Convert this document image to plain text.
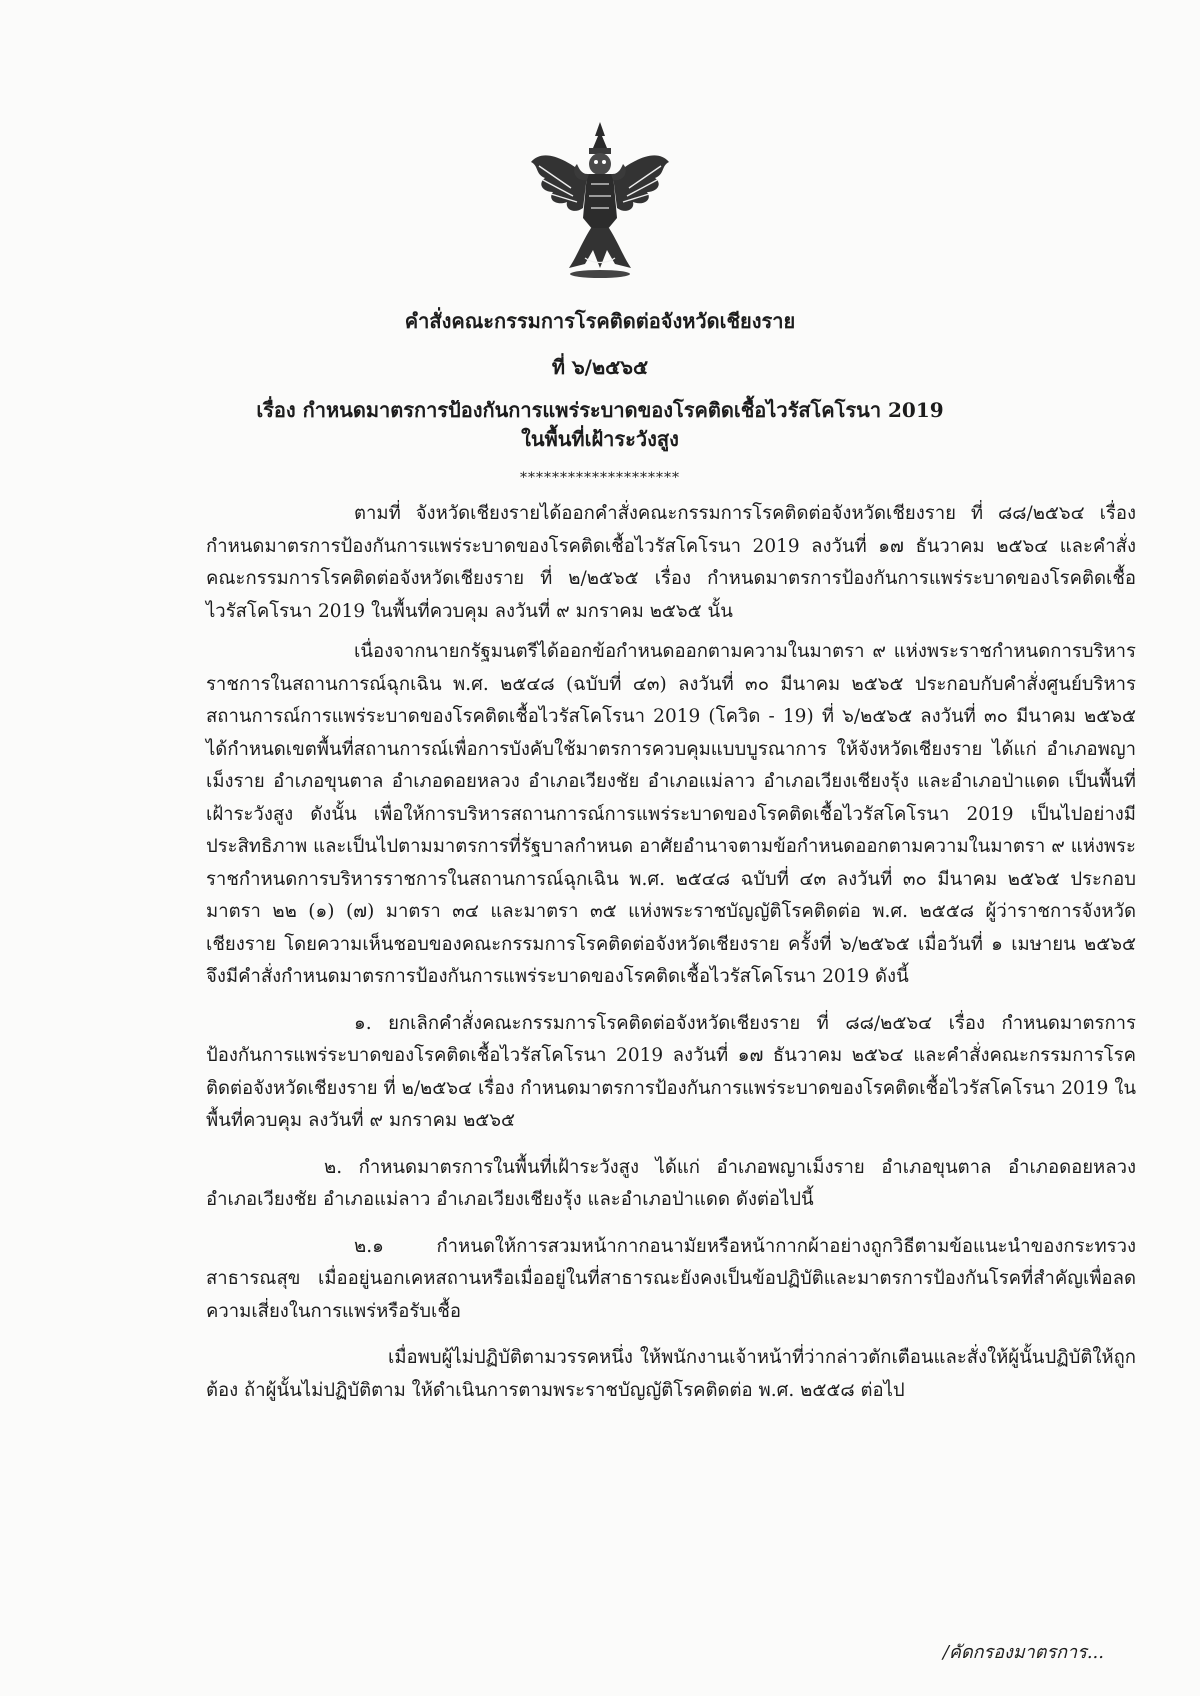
คำสั่งคณะกรรมการโรคติดต่อจังหวัดเชียงราย
ที่ ๖/๒๕๖๕
เรื่อง กำหนดมาตรการป้องกันการแพร่ระบาดของโรคติดเชื้อไวรัสโคโรนา 2019
ในพื้นที่เฝ้าระวังสูง
********************

ตามที่ จังหวัดเชียงรายได้ออกคำสั่งคณะกรรมการโรคติดต่อจังหวัดเชียงราย ที่ ๘๘/๒๕๖๔ เรื่อง กำหนดมาตรการป้องกันการแพร่ระบาดของโรคติดเชื้อไวรัสโคโรนา 2019 ลงวันที่ ๑๗ ธันวาคม ๒๕๖๔ และคำสั่งคณะกรรมการโรคติดต่อจังหวัดเชียงราย ที่ ๒/๒๕๖๕ เรื่อง กำหนดมาตรการป้องกันการแพร่ระบาดของโรคติดเชื้อไวรัสโคโรนา 2019 ในพื้นที่ควบคุม ลงวันที่ ๙ มกราคม ๒๕๖๕ นั้น

เนื่องจากนายกรัฐมนตรีได้ออกข้อกำหนดออกตามความในมาตรา ๙ แห่งพระราชกำหนดการบริหารราชการในสถานการณ์ฉุกเฉิน พ.ศ. ๒๕๔๘ (ฉบับที่ ๔๓) ลงวันที่ ๓๐ มีนาคม ๒๕๖๕ ประกอบกับคำสั่งศูนย์บริหารสถานการณ์การแพร่ระบาดของโรคติดเชื้อไวรัสโคโรนา 2019 (โควิด - 19) ที่ ๖/๒๕๖๕ ลงวันที่ ๓๐ มีนาคม ๒๕๖๕ ได้กำหนดเขตพื้นที่สถานการณ์เพื่อการบังคับใช้มาตรการควบคุมแบบบูรณาการ ให้จังหวัดเชียงราย ได้แก่ อำเภอพญาเม็งราย อำเภอขุนตาล อำเภอดอยหลวง อำเภอเวียงชัย อำเภอแม่ลาว อำเภอเวียงเชียงรุ้ง และอำเภอป่าแดด เป็นพื้นที่เฝ้าระวังสูง ดังนั้น เพื่อให้การบริหารสถานการณ์การแพร่ระบาดของโรคติดเชื้อไวรัสโคโรนา 2019 เป็นไปอย่างมีประสิทธิภาพ และเป็นไปตามมาตรการที่รัฐบาลกำหนด อาศัยอำนาจตามข้อกำหนดออกตามความในมาตรา ๙ แห่งพระราชกำหนดการบริหารราชการในสถานการณ์ฉุกเฉิน พ.ศ. ๒๕๔๘ ฉบับที่ ๔๓ ลงวันที่ ๓๐ มีนาคม ๒๕๖๕ ประกอบมาตรา ๒๒ (๑) (๗) มาตรา ๓๔ และมาตรา ๓๕ แห่งพระราชบัญญัติโรคติดต่อ พ.ศ. ๒๕๕๘ ผู้ว่าราชการจังหวัดเชียงราย โดยความเห็นชอบของคณะกรรมการโรคติดต่อจังหวัดเชียงราย ครั้งที่ ๖/๒๕๖๕ เมื่อวันที่ ๑ เมษายน ๒๕๖๕ จึงมีคำสั่งกำหนดมาตรการป้องกันการแพร่ระบาดของโรคติดเชื้อไวรัสโคโรนา 2019 ดังนี้

๑. ยกเลิกคำสั่งคณะกรรมการโรคติดต่อจังหวัดเชียงราย ที่ ๘๘/๒๕๖๔ เรื่อง กำหนดมาตรการป้องกันการแพร่ระบาดของโรคติดเชื้อไวรัสโคโรนา 2019 ลงวันที่ ๑๗ ธันวาคม ๒๕๖๔ และคำสั่งคณะกรรมการโรคติดต่อจังหวัดเชียงราย ที่ ๒/๒๕๖๔ เรื่อง กำหนดมาตรการป้องกันการแพร่ระบาดของโรคติดเชื้อไวรัสโคโรนา 2019 ในพื้นที่ควบคุม ลงวันที่ ๙ มกราคม ๒๕๖๕

๒. กำหนดมาตรการในพื้นที่เฝ้าระวังสูง ได้แก่ อำเภอพญาเม็งราย อำเภอขุนตาล อำเภอดอยหลวง อำเภอเวียงชัย อำเภอแม่ลาว อำเภอเวียงเชียงรุ้ง และอำเภอป่าแดด ดังต่อไปนี้

๒.๑ กำหนดให้การสวมหน้ากากอนามัยหรือหน้ากากผ้าอย่างถูกวิธีตามข้อแนะนำของกระทรวงสาธารณสุข เมื่ออยู่นอกเคหสถานหรือเมื่ออยู่ในที่สาธารณะยังคงเป็นข้อปฏิบัติและมาตรการป้องกันโรคที่สำคัญเพื่อลดความเสี่ยงในการแพร่หรือรับเชื้อ

เมื่อพบผู้ไม่ปฏิบัติตามวรรคหนึ่ง ให้พนักงานเจ้าหน้าที่ว่ากล่าวตักเตือนและสั่งให้ผู้นั้นปฏิบัติให้ถูกต้อง ถ้าผู้นั้นไม่ปฏิบัติตาม ให้ดำเนินการตามพระราชบัญญัติโรคติดต่อ พ.ศ. ๒๕๕๘ ต่อไป

/คัดกรองมาตรการ...
